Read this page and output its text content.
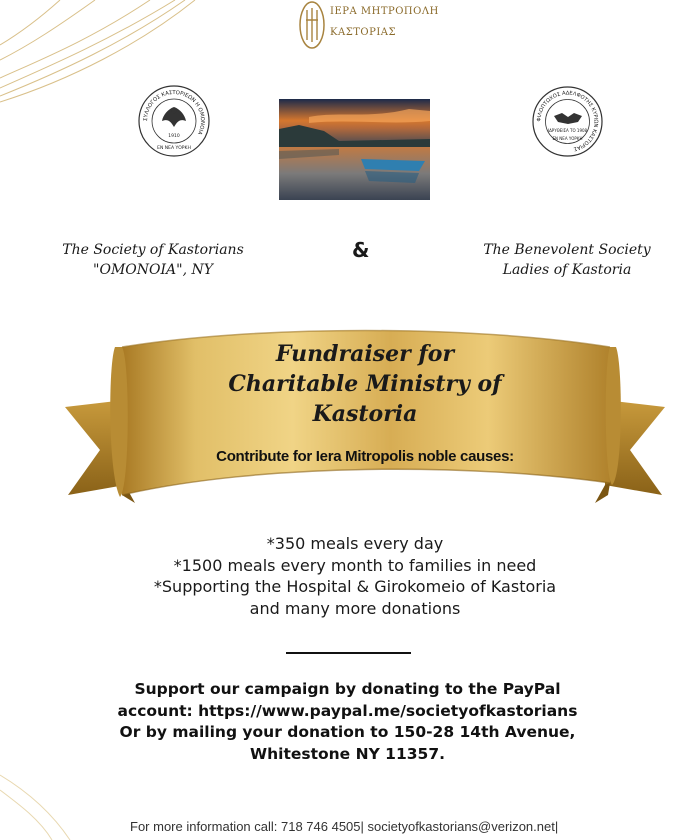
ΙΕΡΑ ΜΗΤΡΟΠΟΛΗ
ΚΑΣΤΟΡΙΑΣ
ΣΥΛΛΟΓΟΣ ΚΑΣΤΟΡΙΕΩΝ Η ΟΜΟΝΟΙΑ
1910
ΕΝ ΝΕΑ ΥΟΡΚΗ
ΦΙΛΟΠΤΩΧΟΣ ΑΔΕΛΦΟΤΗΣ ΚΥΡΙΩΝ ΚΑΣΤΟΡΙΑΣ
ΙΔΡΥΘΕΙΣΑ ΤΟ 1908
ΕΝ ΝΕΑ ΥΟΡΚΗ
The Society of Kastorians
"OMONOIA", NY
&	The Benevolent Society
Ladies of Kastoria
Fundraiser for
Charitable Ministry of
Kastoria
Contribute for Iera Mitropolis noble causes:
*350 meals every day
*1500 meals every month to families in need
*Supporting the Hospital & Girokomeio of Kastoria
and many more donations
Support our campaign by donating to the PayPal
account: https://www.paypal.me/societyofkastorians
Or by mailing your donation to 150-28 14th Avenue,
Whitestone NY 11357.
For more information call: 718 746 4505| societyofkastorians@verizon.net|
